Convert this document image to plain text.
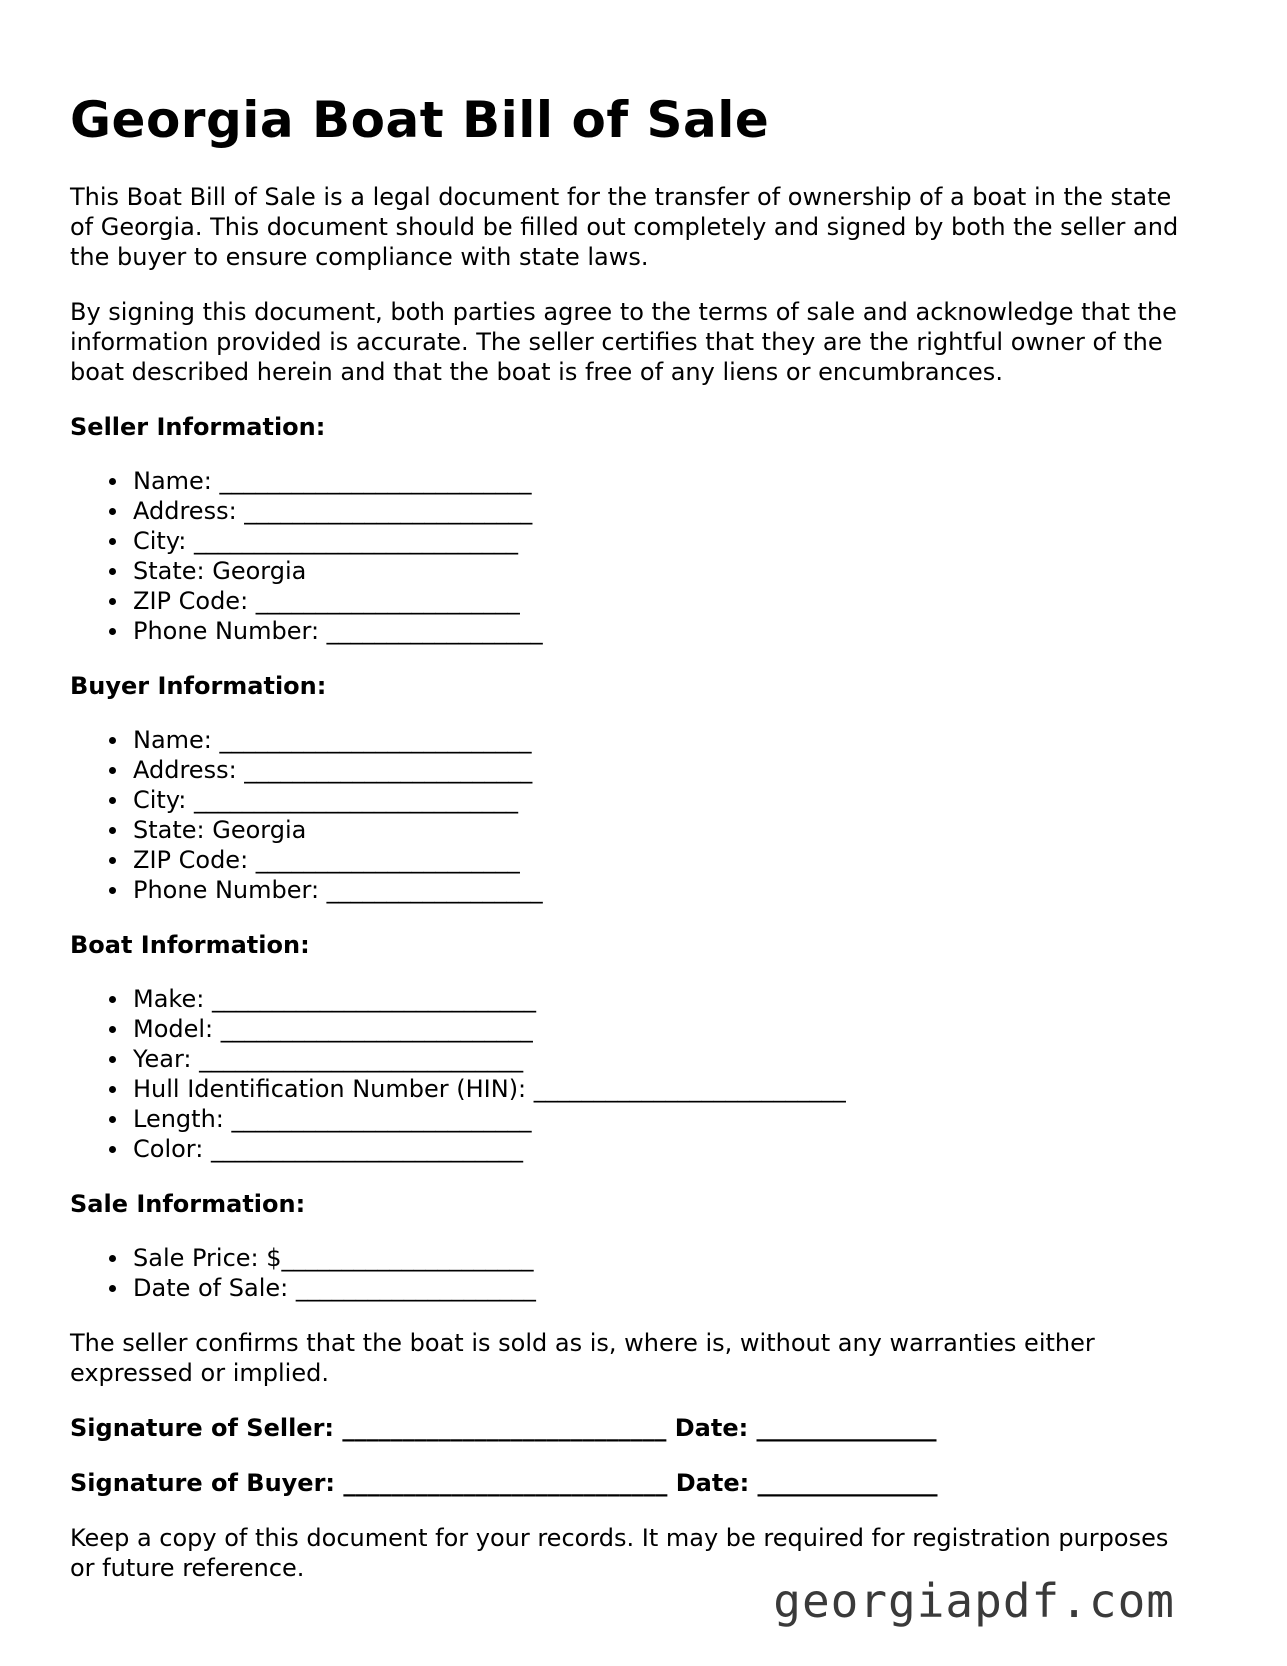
Georgia Boat Bill of Sale

This Boat Bill of Sale is a legal document for the transfer of ownership of a boat in the state of Georgia. This document should be filled out completely and signed by both the seller and the buyer to ensure compliance with state laws.

By signing this document, both parties agree to the terms of sale and acknowledge that the information provided is accurate. The seller certifies that they are the rightful owner of the boat described herein and that the boat is free of any liens or encumbrances.

Seller Information:
Name: __________________________
Address: ________________________
City: ___________________________
State: Georgia
ZIP Code: ______________________
Phone Number: __________________
Buyer Information:
Name: __________________________
Address: ________________________
City: ___________________________
State: Georgia
ZIP Code: ______________________
Phone Number: __________________
Boat Information:
Make: ___________________________
Model: __________________________
Year: ___________________________
Hull Identification Number (HIN): __________________________
Length: _________________________
Color: __________________________
Sale Information:
Sale Price: $_____________________
Date of Sale: ____________________

The seller confirms that the boat is sold as is, where is, without any warranties either expressed or implied.

Signature of Seller: ___________________________ Date: _______________
Signature of Buyer: ___________________________ Date: _______________

Keep a copy of this document for your records. It may be required for registration purposes or future reference.

georgiapdf.com
